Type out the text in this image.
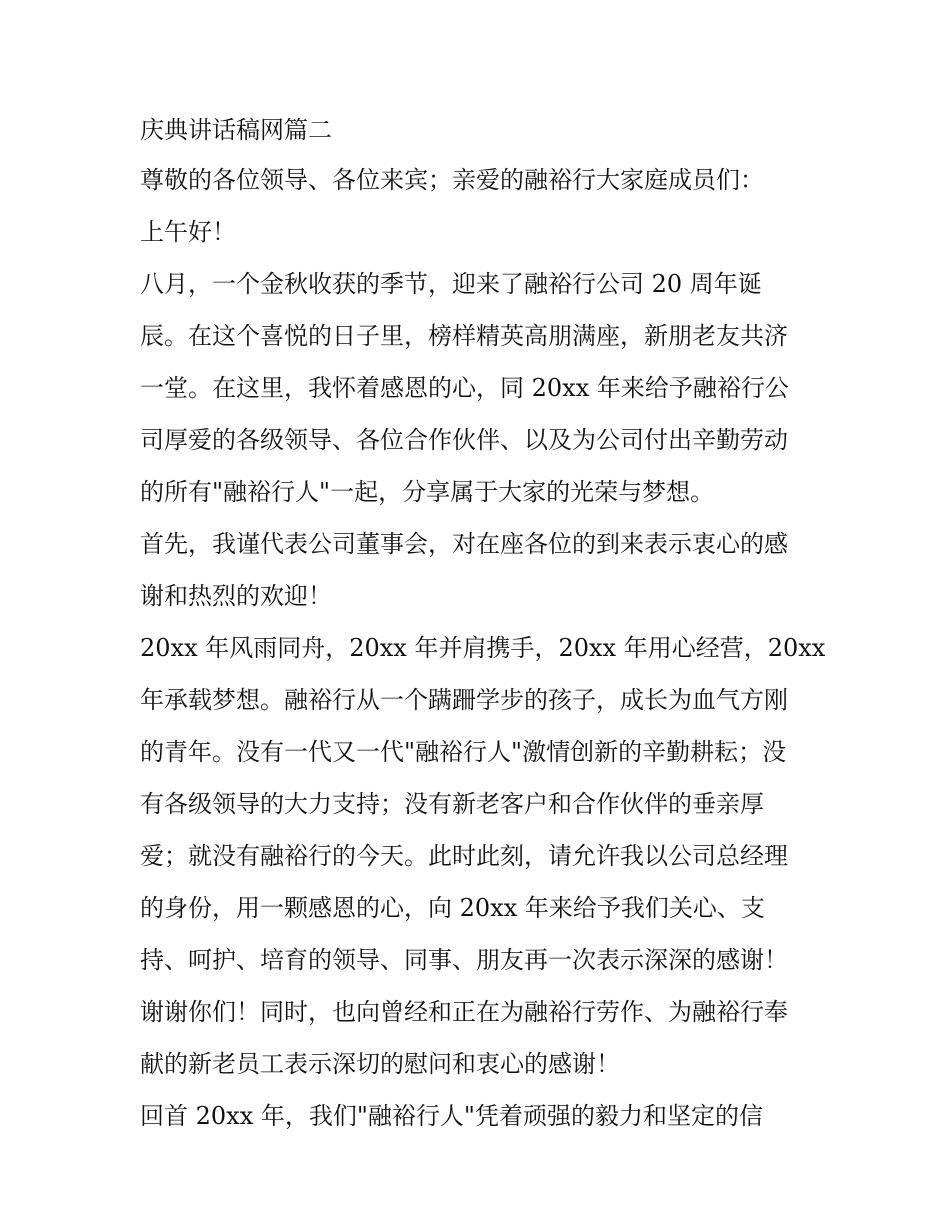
庆典讲话稿网篇二
尊敬的各位领导、各位来宾；亲爱的融裕行大家庭成员们：
上午好！
八月，一个金秋收获的季节，迎来了融裕行公司 20 周年诞
辰。在这个喜悦的日子里，榜样精英高朋满座，新朋老友共济
一堂。在这里，我怀着感恩的心，同 20xx 年来给予融裕行公
司厚爱的各级领导、各位合作伙伴、以及为公司付出辛勤劳动
的所有"融裕行人"一起，分享属于大家的光荣与梦想。
首先，我谨代表公司董事会，对在座各位的到来表示衷心的感
谢和热烈的欢迎！
20xx 年风雨同舟，20xx 年并肩携手，20xx 年用心经营，20xx
年承载梦想。融裕行从一个蹒跚学步的孩子，成长为血气方刚
的青年。没有一代又一代"融裕行人"激情创新的辛勤耕耘；没
有各级领导的大力支持；没有新老客户和合作伙伴的垂亲厚
爱；就没有融裕行的今天。此时此刻，请允许我以公司总经理
的身份，用一颗感恩的心，向 20xx 年来给予我们关心、支
持、呵护、培育的领导、同事、朋友再一次表示深深的感谢！
谢谢你们！同时，也向曾经和正在为融裕行劳作、为融裕行奉
献的新老员工表示深切的慰问和衷心的感谢！
回首 20xx 年，我们"融裕行人"凭着顽强的毅力和坚定的信
